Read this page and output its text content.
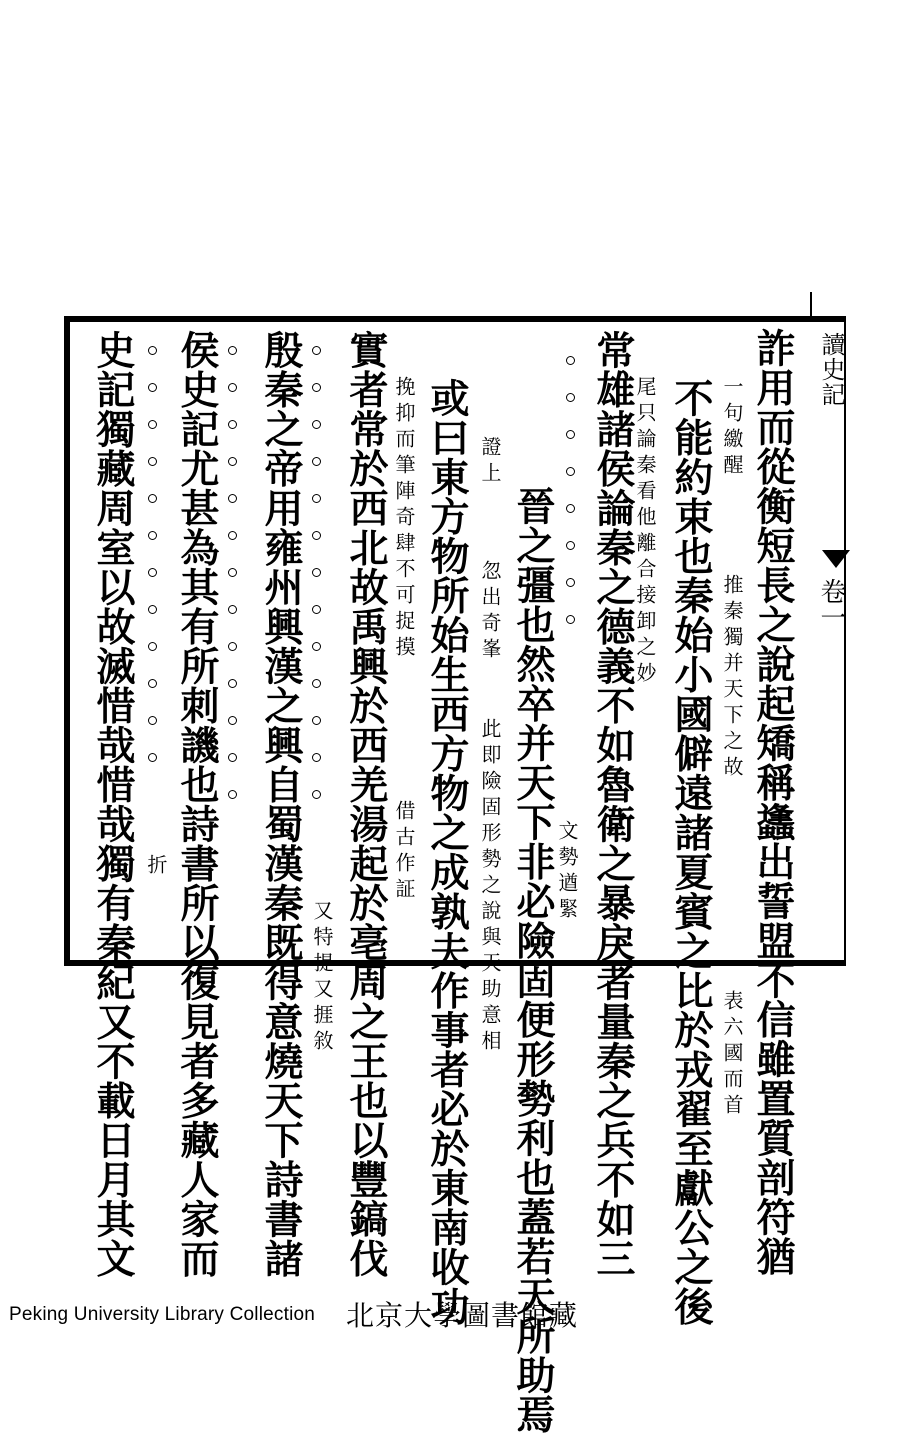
讀史記
卷一
詐用而從衡短長之說起矯稱蠭出誓盟不信雖置質剖符猶
一句繳醒
推秦獨并天下之故
表六國而首
不能約束也秦始小國僻遠諸夏賓之比於戎翟至獻公之後
尾只論秦看他離合接卸之妙
常雄諸侯論秦之德義不如魯衛之暴戾者量秦之兵不如三
文勢遒緊
晉之彊也然卒并天下非必險固便形勢利也蓋若天所助焉
證上
忽出奇峯
此即險固形勢之說與天助意相
或曰東方物所始生西方物之成孰夫作事者必於東南收功
挽抑而筆陣奇肆不可捉摸
借古作証
實者常於西北故禹興於西羌湯起於亳周之王也以豐鎬伐
又特提又捱敘
殷秦之帝用雍州興漢之興自蜀漢秦既得意燒天下詩書諸
侯史記尤甚為其有所刺譏也詩書所以復見者多藏人家而
折
史記獨藏周室以故滅惜哉惜哉獨有秦紀又不載日月其文
Peking University Library Collection 北京大學圖書館藏
